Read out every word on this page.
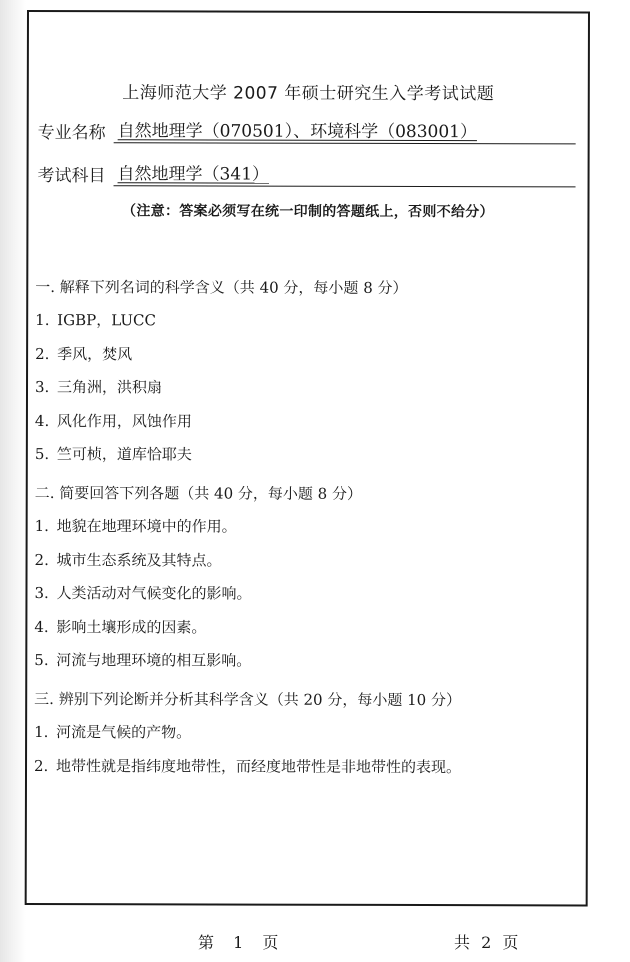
上海师范大学 2007 年硕士研究生入学考试试题
专业名称 自然地理学（070501）、环境科学（083001）
考试科目 自然地理学（341）
（注意：答案必须写在统一印制的答题纸上，否则不给分）
一. 解释下列名词的科学含义（共 40 分，每小题 8 分）
1. IGBP，LUCC
2. 季风，焚风
3. 三角洲，洪积扇
4. 风化作用，风蚀作用
5. 竺可桢，道库恰耶夫
二. 简要回答下列各题（共 40 分，每小题 8 分）
1. 地貌在地理环境中的作用。
2. 城市生态系统及其特点。
3. 人类活动对气候变化的影响。
4. 影响土壤形成的因素。
5. 河流与地理环境的相互影响。
三. 辨别下列论断并分析其科学含义（共 20 分，每小题 10 分）
1. 河流是气候的产物。
2. 地带性就是指纬度地带性，而经度地带性是非地带性的表现。
第 1 页	共 2 页
